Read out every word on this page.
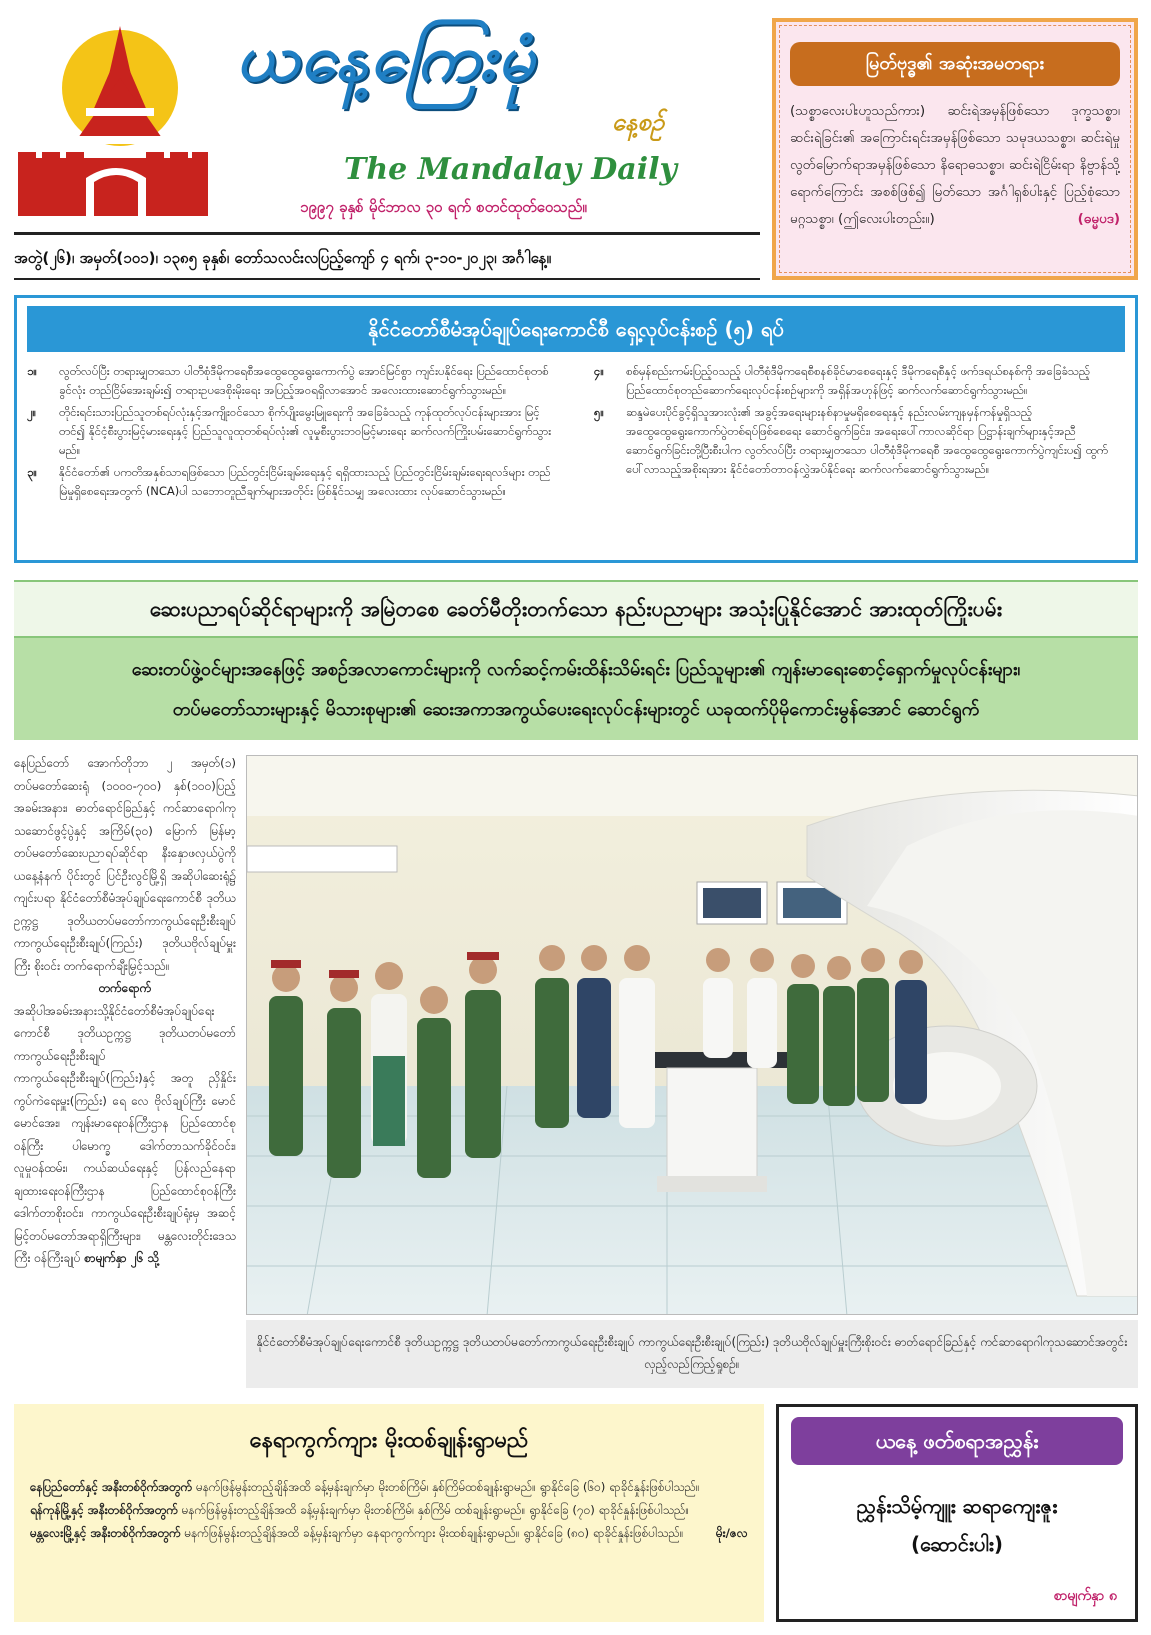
ယနေ့ကြေးမုံ
နေ့စဉ်
The Mandalay Daily
၁၉၉၇ ခုနှစ် မိုင်ဘာလ ၃၀ ရက် စတင်ထုတ်ဝေသည်။
အတွဲ(၂၆)၊ အမှတ်(၁၀၁)၊ ၁၃၈၅ ခုနှစ်၊ တော်သလင်းလပြည့်ကျော် ၄ ရက်၊ ၃-၁၀-၂၀၂၃၊ အင်္ဂါနေ့။
မြတ်ဗုဒ္ဓ၏ အဆုံးအမတရား
(သစ္စာလေးပါးဟူသည်ကား) ဆင်းရဲအမှန်ဖြစ်သော ဒုက္ခသစ္စာ၊ ဆင်းရဲခြင်း၏ အကြောင်းရင်းအမှန်ဖြစ်သော သမုဒယသစ္စာ၊ ဆင်းရဲမှု လွတ်မြောက်ရာအမှန်ဖြစ်သော နိရောဓသစ္စာ၊ ဆင်းရဲငြိမ်းရာ နိဗ္ဗာန်သို့ရောက်ကြောင်း အစစ်ဖြစ်၍ မြတ်သော အင်္ဂါရှစ်ပါးနှင့် ပြည့်စုံသော မဂ္ဂသစ္စာ၊ (ဤလေးပါးတည်း။)	(ဓမ္မပဒ)
နိုင်ငံတော်စီမံအုပ်ချုပ်ရေးကောင်စီ ရှေ့လုပ်ငန်းစဉ် (၅) ရပ်
၁။	လွတ်လပ်ပြီး တရားမျှတသော ပါတီစုံဒီမိုကရေစီအထွေထွေရွေးကောက်ပွဲ အောင်မြင်စွာ ကျင်းပနိုင်ရေး ပြည်ထောင်စုတစ်ခွင်လုံး တည်ငြိမ်အေးချမ်း၍ တရားဥပဒေစိုးမိုးရေး အပြည့်အဝရရှိလာအောင် အလေးထားဆောင်ရွက်သွားမည်။
၂။	တိုင်းရင်းသားပြည်သူတစ်ရပ်လုံးနှင့်အကျိုးဝင်သော စိုက်ပျိုးမွေးမြူရေးကို အခြေခံသည့် ကုန်ထုတ်လုပ်ငန်းများအား မြင့်တင်၍ နိုင်ငံ့စီးပွားမြင့်မားရေးနှင့် ပြည်သူလူထုတစ်ရပ်လုံး၏ လူမှုစီးပွားဘဝမြင့်မားရေး ဆက်လက်ကြိုးပမ်းဆောင်ရွက်သွားမည်။
၃။	နိုင်ငံတော်၏ ပကတိအနှစ်သာရဖြစ်သော ပြည်တွင်းငြိမ်းချမ်းရေးနှင့် ရရှိထားသည့် ပြည်တွင်းငြိမ်းချမ်းရေးရလဒ်များ တည်မြဲမှုရှိစေရေးအတွက် (NCA)ပါ သဘောတူညီချက်များအတိုင်း ဖြစ်နိုင်သမျှ အလေးထား လုပ်ဆောင်သွားမည်။
၄။	စစ်မှန်စည်းကမ်းပြည့်ဝသည့် ပါတီစုံဒီမိုကရေစီစနစ်ခိုင်မာစေရေးနှင့် ဒီမိုကရေစီနှင့် ဖက်ဒရယ်စနစ်ကို အခြေခံသည့် ပြည်ထောင်စုတည်ဆောက်ရေးလုပ်ငန်းစဉ်များကို အရှိန်အဟုန်ဖြင့် ဆက်လက်ဆောင်ရွက်သွားမည်။
၅။	ဆန္ဒမဲပေးပိုင်ခွင့်ရှိသူအားလုံး၏ အခွင့်အရေးများနစ်နာမှုမရှိစေရေးနှင့် နည်းလမ်းကျနမှန်ကန်မှုရှိသည့် အထွေထွေရွေးကောက်ပွဲတစ်ရပ်ဖြစ်စေရေး ဆောင်ရွက်ခြင်း၊ အရေးပေါ်ကာလဆိုင်ရာ ပြဋ္ဌာန်းချက်များနှင့်အညီ ဆောင်ရွက်ခြင်းတို့ပြီးစီးပါက လွတ်လပ်ပြီး တရားမျှတသော ပါတီစုံဒီမိုကရေစီ အထွေထွေရွေးကောက်ပွဲကျင်းပ၍ ထွက်ပေါ်လာသည့်အစိုးရအား နိုင်ငံတော်တာဝန်လွှဲအပ်နိုင်ရေး ဆက်လက်ဆောင်ရွက်သွားမည်။
ဆေးပညာရပ်ဆိုင်ရာများကို အမြဲတစေ ခေတ်မီတိုးတက်သော နည်းပညာများ အသုံးပြုနိုင်အောင် အားထုတ်ကြိုးပမ်း
ဆေးတပ်ဖွဲ့ဝင်များအနေဖြင့် အစဉ်အလာကောင်းများကို လက်ဆင့်ကမ်းထိန်းသိမ်းရင်း ပြည်သူများ၏ ကျန်းမာရေးစောင့်ရှောက်မှုလုပ်ငန်းများ၊
တပ်မတော်သားများနှင့် မိသားစုများ၏ ဆေးအကာအကွယ်ပေးရေးလုပ်ငန်းများတွင် ယခုထက်ပိုမိုကောင်းမွန်အောင် ဆောင်ရွက်

နေပြည်တော် အောက်တိုဘာ ၂ အမှတ်(၁) တပ်မတော်ဆေးရုံ (၁၀၀၀-၇၀၀) နှစ်(၁၀၀)ပြည့် အခမ်းအနား၊ ဓာတ်ရောင်ခြည်နှင့် ကင်ဆာရောဂါကုသဆောင်ဖွင့်ပွဲနှင့် အကြိမ်(၃၀) မြောက် မြန်မာ့တပ်မတော်ဆေးပညာရပ်ဆိုင်ရာ နီးနှောဖလှယ်ပွဲကို ယနေ့နံနက် ပိုင်းတွင် ပြင်ဦးလွင်မြို့ရှိ အဆိုပါဆေးရုံ၌ ကျင်းပရာ နိုင်ငံတော်စီမံအုပ်ချုပ်ရေးကောင်စီ ဒုတိယဥက္ကဋ္ဌ ဒုတိယတပ်မတော်ကာကွယ်ရေးဦးစီးချုပ် ကာကွယ်ရေးဦးစီးချုပ်(ကြည်း) ဒုတိယဗိုလ်ချုပ်မှူးကြီး စိုးဝင်း တက်ရောက်ချီးမြှင့်သည်။

တက်ရောက်

အဆိုပါအခမ်းအနားသို့နိုင်ငံတော်စီမံအုပ်ချုပ်ရေးကောင်စီ ဒုတိယဥက္ကဋ္ဌ ဒုတိယတပ်မတော်ကာကွယ်ရေးဦးစီးချုပ် ကာကွယ်ရေးဦးစီးချုပ်(ကြည်း)နှင့် အတူ ညှိနှိုင်းကွပ်ကဲရေးမှူး(ကြည်း) ရေ လေ ဗိုလ်ချုပ်ကြီး မောင်မောင်အေး၊ ကျန်းမာရေးဝန်ကြီးဌာန ပြည်ထောင်စုဝန်ကြီး ပါမောက္ခ ဒေါက်တာသက်ခိုင်ဝင်း၊ လူမှုဝန်ထမ်း၊ ကယ်ဆယ်ရေးနှင့် ပြန်လည်နေရာချထားရေးဝန်ကြီးဌာန ပြည်ထောင်စုဝန်ကြီး ဒေါက်တာစိုးဝင်း၊ ကာကွယ်ရေးဦးစီးချုပ်ရုံးမှ အဆင့်မြင့်တပ်မတော်အရာရှိကြီးများ၊ မန္တလေးတိုင်းဒေသကြီး ဝန်ကြီးချုပ် စာမျက်နှာ ၂၆ သို့

နိုင်ငံတော်စီမံအုပ်ချုပ်ရေးကောင်စီ ဒုတိယဥက္ကဋ္ဌ ဒုတိယတပ်မတော်ကာကွယ်ရေးဦးစီးချုပ် ကာကွယ်ရေးဦးစီးချုပ်(ကြည်း) ဒုတိယဗိုလ်ချုပ်မှူးကြီးစိုးဝင်း ဓာတ်ရောင်ခြည်နှင့် ကင်ဆာရောဂါကုသဆောင်အတွင်း လှည့်လည်ကြည့်ရှုစဉ်။
နေရာကွက်ကျား မိုးထစ်ချုန်းရွာမည်
နေပြည်တော်နှင့် အနီးတစ်ဝိုက်အတွက် မနက်ဖြန်မွန်းတည့်ချိန်အထိ ခန့်မှန်းချက်မှာ မိုးတစ်ကြိမ်၊ နှစ်ကြိမ်ထစ်ချုန်းရွာမည်။ ရွာနိုင်ခြေ (၆၀) ရာခိုင်နှုန်းဖြစ်ပါသည်။
ရန်ကုန်မြို့နှင့် အနီးတစ်ဝိုက်အတွက် မနက်ဖြန်မွန်းတည့်ချိန်အထိ ခန့်မှန်းချက်မှာ မိုးတစ်ကြိမ်၊ နှစ်ကြိမ် ထစ်ချုန်းရွာမည်။ ရွာနိုင်ခြေ (၇၀) ရာခိုင်နှုန်းဖြစ်ပါသည်။
မန္တလေးမြို့နှင့် အနီးတစ်ဝိုက်အတွက် မနက်ဖြန်မွန်းတည့်ချိန်အထိ ခန့်မှန်းချက်မှာ နေရာကွက်ကျား မိုးထစ်ချုန်းရွာမည်။ ရွာနိုင်ခြေ (၈၀) ရာခိုင်နှုန်းဖြစ်ပါသည်။	မိုး/ဇလ
ယနေ့ ဖတ်စရာအညွှန်း
ညွှန်းသိမ့်ကျူး ဆရာကျေးဇူး
(ဆောင်းပါး)
စာမျက်နှာ ၈
